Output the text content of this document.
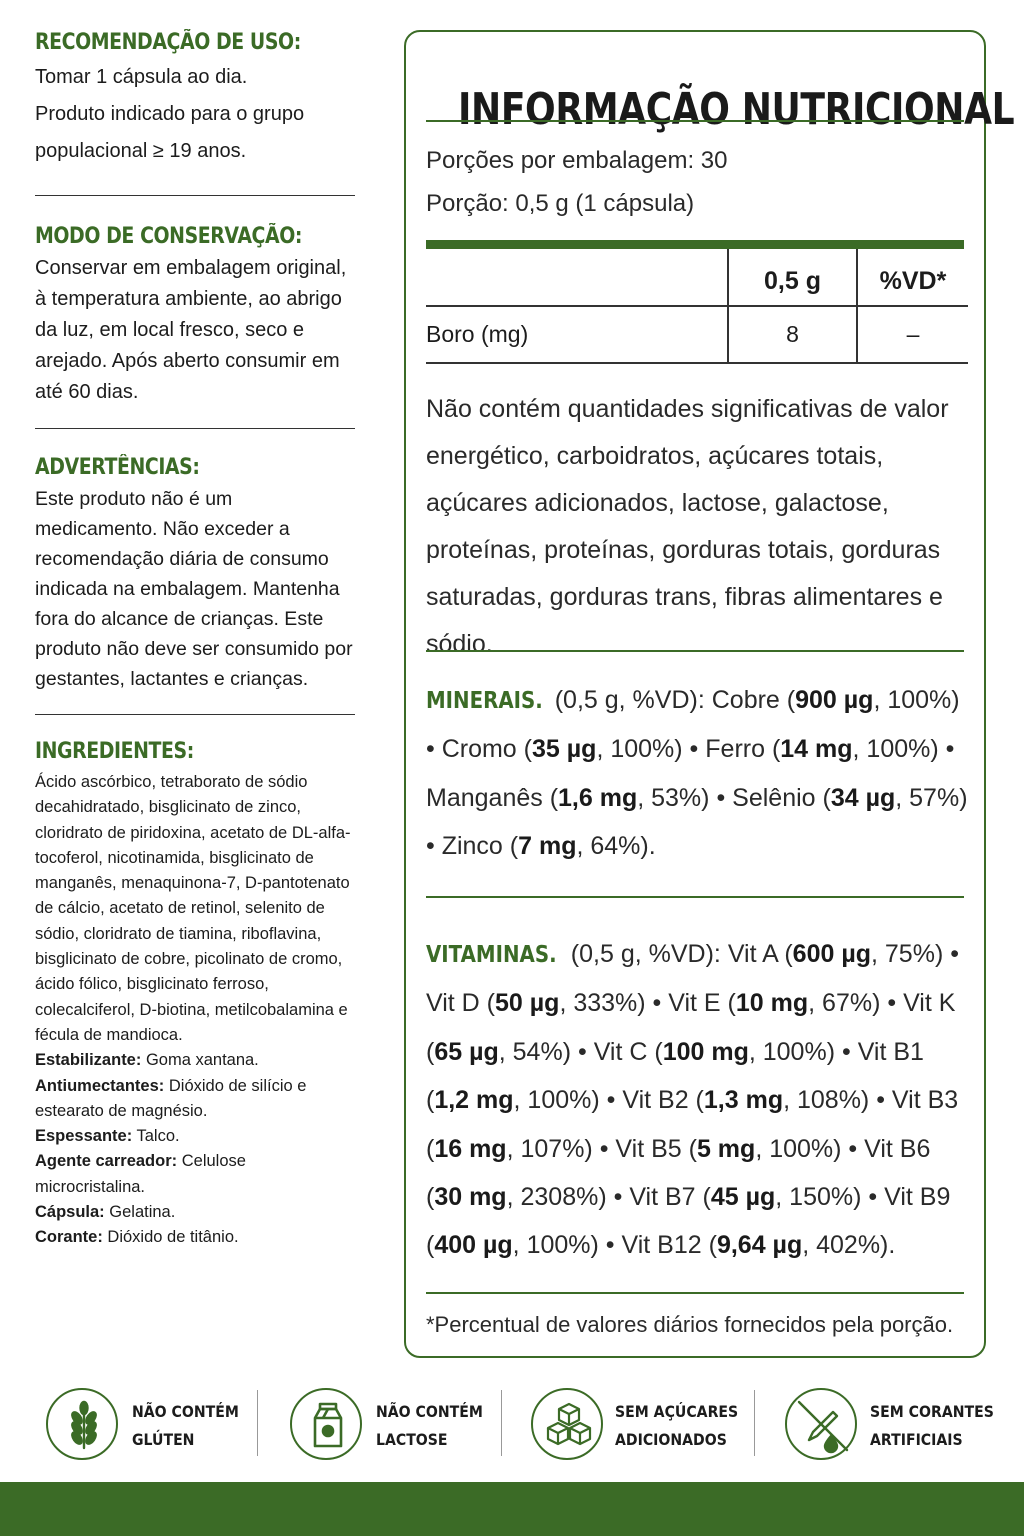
RECOMENDAÇÃO DE USO:
Tomar 1 cápsula ao dia.
Produto indicado para o grupo
populacional ≥ 19 anos.
MODO DE CONSERVAÇÃO:
Conservar em embalagem original, à temperatura ambiente, ao abrigo da luz, em local fresco, seco e arejado. Após aberto consumir em até 60 dias.
ADVERTÊNCIAS:
Este produto não é um medicamento. Não exceder a recomendação diária de consumo indicada na embalagem. Mantenha fora do alcance de crianças. Este produto não deve ser consumido por gestantes, lactantes e crianças.
INGREDIENTES:
Ácido ascórbico, tetraborato de sódio decahidratado, bisglicinato de zinco, cloridrato de piridoxina, acetato de DL-alfa-tocoferol, nicotinamida, bisglicinato de manganês, menaquinona-7, D-pantotenato de cálcio, acetato de retinol, selenito de sódio, cloridrato de tiamina, riboflavina, bisglicinato de cobre, picolinato de cromo, ácido fólico, bisglicinato ferroso, colecalciferol, D-biotina, metilcobalamina e fécula de mandioca.
Estabilizante: Goma xantana.
Antiumectantes: Dióxido de silício e estearato de magnésio.
Espessante: Talco.
Agente carreador: Celulose microcristalina.
Cápsula: Gelatina.
Corante: Dióxido de titânio.
INFORMAÇÃO NUTRICIONAL
Porções por embalagem: 30
Porção: 0,5 g (1 cápsula)
	0,5 g	%VD*
Boro (mg)	8	–
Não contém quantidades significativas de valor energético, carboidratos, açúcares totais, açúcares adicionados, lactose, galactose, proteínas, proteínas, gorduras totais, gorduras saturadas, gorduras trans, fibras alimentares e sódio.
MINERAIS. (0,5 g, %VD): Cobre (900 µg, 100%) • Cromo (35 µg, 100%) • Ferro (14 mg, 100%) • Manganês (1,6 mg, 53%) • Selênio (34 µg, 57%) • Zinco (7 mg, 64%).
VITAMINAS. (0,5 g, %VD): Vit A (600 µg, 75%) • Vit D (50 µg, 333%) • Vit E (10 mg, 67%) • Vit K (65 µg, 54%) • Vit C (100 mg, 100%) • Vit B1 (1,2 mg, 100%) • Vit B2 (1,3 mg, 108%) • Vit B3 (16 mg, 107%) • Vit B5 (5 mg, 100%) • Vit B6 (30 mg, 2308%) • Vit B7 (45 µg, 150%) • Vit B9 (400 µg, 100%) • Vit B12 (9,64 µg, 402%).
*Percentual de valores diários fornecidos pela porção.
NÃO CONTÉM
GLÚTEN
NÃO CONTÉM
LACTOSE
SEM AÇÚCARES
ADICIONADOS
SEM CORANTES
ARTIFICIAIS
